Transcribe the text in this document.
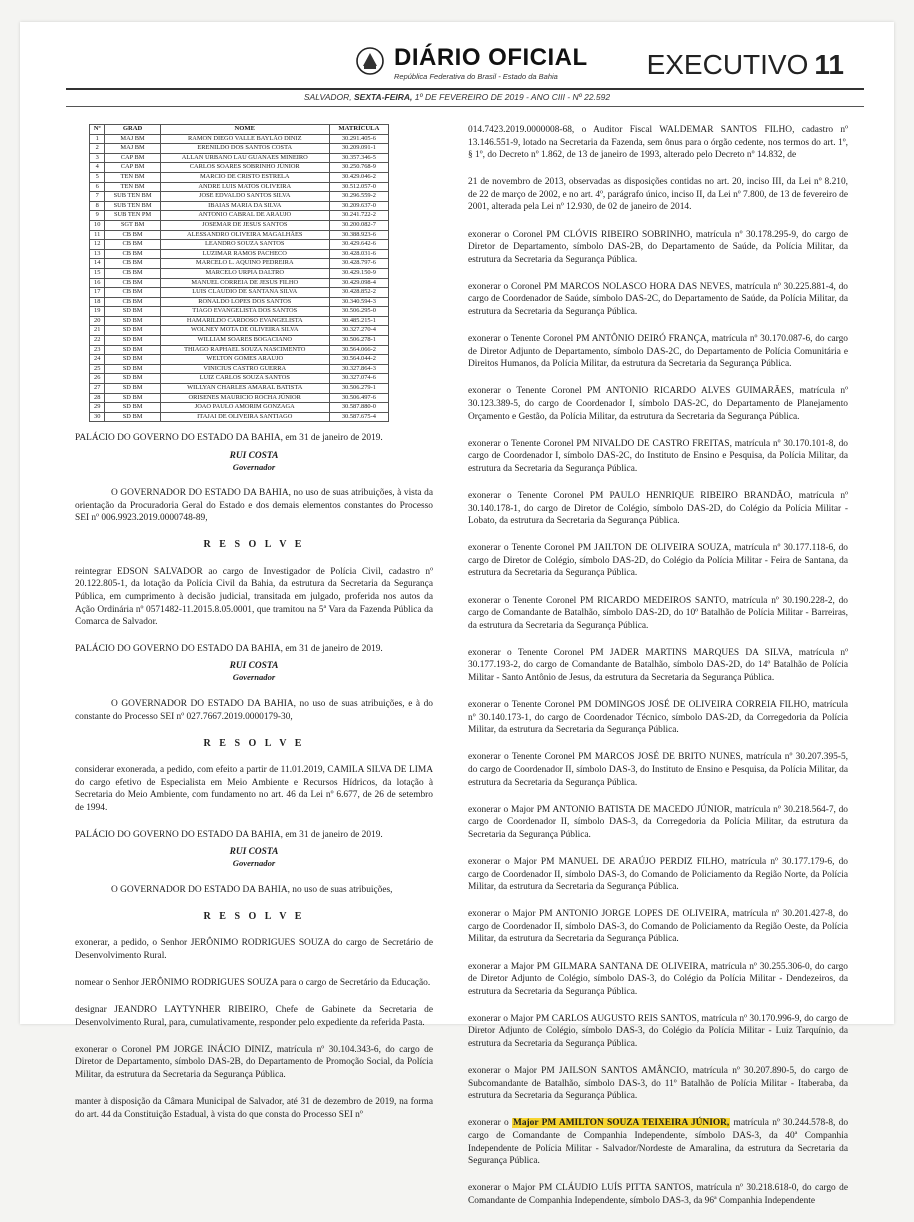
DIÁRIO OFICIAL
República Federativa do Brasil - Estado da Bahia	EXECUTIVO 11
SALVADOR, SEXTA-FEIRA, 1º DE FEVEREIRO DE 2019 - ANO CIII - Nº 22.592
Nº	GRAD	NOME	MATRÍCULA
1	MAJ BM	RAMON DIEGO VALLE BAYLÃO DINIZ	30.291.405-6
2	MAJ BM	ERENILDO DOS SANTOS COSTA	30.209.091-1
3	CAP BM	ALLAN URBANO LAU GUANAES MINEIRO	30.357.346-5
4	CAP BM	CARLOS SOARES SOBRINHO JÚNIOR	30.250.768-9
5	TEN BM	MARCIO DE CRISTO ESTRELA	30.429.046-2
6	TEN BM	ANDRE LUIS MATOS OLIVEIRA	30.512.057-0
7	SUB TEN BM	JOSE EDVALDO SANTOS SILVA	30.296.559-2
8	SUB TEN BM	IBAIAS MARIA DA SILVA	30.209.637-0
9	SUB TEN PM	ANTONIO CABRAL DE ARAUJO	30.241.722-2
10	SGT BM	JOSEMAR DE JESUS SANTOS	30.200.082-7
11	CB BM	ALESSANDRO OLIVEIRA MAGALHÃES	30.388.923-6
12	CB BM	LEANDRO SOUZA SANTOS	30.429.642-6
13	CB BM	LUZIMAR RAMOS PACHECO	30.428.031-6
14	CB BM	MARCELO L. AQUINO PEDREIRA	30.428.797-6
15	CB BM	MARCELO URPIA DALTRO	30.429.150-9
16	CB BM	MANUEL CORREIA DE JESUS FILHO	30.429.098-4
17	CB BM	LUIS CLAUDIO DE SANTANA SILVA	30.428.852-2
18	CB BM	RONALDO LOPES DOS SANTOS	30.340.594-3
19	SD BM	TIAGO EVANGELISTA DOS SANTOS	30.506.295-0
20	SD BM	HAMARILDO CARDOSO EVANGELISTA	30.485.215-1
21	SD BM	WOLNEY MOTA DE OLIVEIRA SILVA	30.327.270-4
22	SD BM	WILLIAM SOARES BOGACIANO	30.506.278-1
23	SD BM	THIAGO RAPHAEL SOUZA NASCIMENTO	30.564.066-2
24	SD BM	WELTON GOMES ARAUJO	30.564.044-2
25	SD BM	VINICIUS CASTRO GUERRA	30.327.864-3
26	SD BM	LUIZ CARLOS SOUZA SANTOS	30.327.074-6
27	SD BM	WILLYAN CHARLES AMARAL BATISTA	30.506.279-1
28	SD BM	ORISENES MAURICIO ROCHA JÚNIOR	30.506.497-6
29	SD BM	JOAO PAULO AMORIM GONZAGA	30.587.880-0
30	SD BM	ITAJAI DE OLIVEIRA SANTIAGO	30.587.675-4

PALÁCIO DO GOVERNO DO ESTADO DA BAHIA, em 31 de janeiro de 2019.

RUI COSTA
Governador

O GOVERNADOR DO ESTADO DA BAHIA, no uso de suas atribuições, à vista da orientação da Procuradoria Geral do Estado e dos demais elementos constantes do Processo SEI nº 006.9923.2019.0000748-89,

R E S O L V E

reintegrar EDSON SALVADOR ao cargo de Investigador de Polícia Civil, cadastro nº 20.122.805-1, da lotação da Polícia Civil da Bahia, da estrutura da Secretaria da Segurança Pública, em cumprimento à decisão judicial, transitada em julgado, proferida nos autos da Ação Ordinária nº 0571482-11.2015.8.05.0001, que tramitou na 5ª Vara da Fazenda Pública da Comarca de Salvador.

PALÁCIO DO GOVERNO DO ESTADO DA BAHIA, em 31 de janeiro de 2019.

RUI COSTA
Governador

O GOVERNADOR DO ESTADO DA BAHIA, no uso de suas atribuições, e à do constante do Processo SEI nº 027.7667.2019.0000179-30,

R E S O L V E

considerar exonerada, a pedido, com efeito a partir de 11.01.2019, CAMILA SILVA DE LIMA do cargo efetivo de Especialista em Meio Ambiente e Recursos Hídricos, da lotação à Secretaria do Meio Ambiente, com fundamento no art. 46 da Lei nº 6.677, de 26 de setembro de 1994.

PALÁCIO DO GOVERNO DO ESTADO DA BAHIA, em 31 de janeiro de 2019.

RUI COSTA
Governador

O GOVERNADOR DO ESTADO DA BAHIA, no uso de suas atribuições,

R E S O L V E

exonerar, a pedido, o Senhor JERÔNIMO RODRIGUES SOUZA do cargo de Secretário de Desenvolvimento Rural.

nomear o Senhor JERÔNIMO RODRIGUES SOUZA para o cargo de Secretário da Educação.

designar JEANDRO LAYTYNHER RIBEIRO, Chefe de Gabinete da Secretaria de Desenvolvimento Rural, para, cumulativamente, responder pelo expediente da referida Pasta.

exonerar o Coronel PM JORGE INÁCIO DINIZ, matrícula nº 30.104.343-6, do cargo de Diretor de Departamento, símbolo DAS-2B, do Departamento de Promoção Social, da Polícia Militar, da estrutura da Secretaria da Segurança Pública.

manter à disposição da Câmara Municipal de Salvador, até 31 de dezembro de 2019, na forma do art. 44 da Constituição Estadual, à vista do que consta do Processo SEI nº

014.7423.2019.0000008-68, o Auditor Fiscal WALDEMAR SANTOS FILHO, cadastro nº 13.146.551-9, lotado na Secretaria da Fazenda, sem ônus para o órgão cedente, nos termos do art. 1º, § 1º, do Decreto nº 1.862, de 13 de janeiro de 1993, alterado pelo Decreto nº 14.832, de

21 de novembro de 2013, observadas as disposições contidas no art. 20, inciso III, da Lei nº 8.210, de 22 de março de 2002, e no art. 4º, parágrafo único, inciso II, da Lei nº 7.800, de 13 de fevereiro de 2001, alterada pela Lei nº 12.930, de 02 de janeiro de 2014.

exonerar o Coronel PM CLÓVIS RIBEIRO SOBRINHO, matrícula nº 30.178.295-9, do cargo de Diretor de Departamento, símbolo DAS-2B, do Departamento de Saúde, da Polícia Militar, da estrutura da Secretaria da Segurança Pública.

exonerar o Coronel PM MARCOS NOLASCO HORA DAS NEVES, matrícula nº 30.225.881-4, do cargo de Coordenador de Saúde, símbolo DAS-2C, do Departamento de Saúde, da Polícia Militar, da estrutura da Secretaria da Segurança Pública.

exonerar o Tenente Coronel PM ANTÔNIO DEIRÓ FRANÇA, matrícula nº 30.170.087-6, do cargo de Diretor Adjunto de Departamento, símbolo DAS-2C, do Departamento de Polícia Comunitária e Direitos Humanos, da Polícia Militar, da estrutura da Secretaria da Segurança Pública.

exonerar o Tenente Coronel PM ANTONIO RICARDO ALVES GUIMARÃES, matrícula nº 30.123.389-5, do cargo de Coordenador I, símbolo DAS-2C, do Departamento de Planejamento Orçamento e Gestão, da Polícia Militar, da estrutura da Secretaria da Segurança Pública.

exonerar o Tenente Coronel PM NIVALDO DE CASTRO FREITAS, matrícula nº 30.170.101-8, do cargo de Coordenador I, símbolo DAS-2C, do Instituto de Ensino e Pesquisa, da Polícia Militar, da estrutura da Secretaria da Segurança Pública.

exonerar o Tenente Coronel PM PAULO HENRIQUE RIBEIRO BRANDÃO, matrícula nº 30.140.178-1, do cargo de Diretor de Colégio, símbolo DAS-2D, do Colégio da Polícia Militar - Lobato, da estrutura da Secretaria da Segurança Pública.

exonerar o Tenente Coronel PM JAILTON DE OLIVEIRA SOUZA, matrícula nº 30.177.118-6, do cargo de Diretor de Colégio, símbolo DAS-2D, do Colégio da Polícia Militar - Feira de Santana, da estrutura da Secretaria da Segurança Pública.

exonerar o Tenente Coronel PM RICARDO MEDEIROS SANTO, matrícula nº 30.190.228-2, do cargo de Comandante de Batalhão, símbolo DAS-2D, do 10º Batalhão de Polícia Militar - Barreiras, da estrutura da Secretaria da Segurança Pública.

exonerar o Tenente Coronel PM JADER MARTINS MARQUES DA SILVA, matrícula nº 30.177.193-2, do cargo de Comandante de Batalhão, símbolo DAS-2D, do 14º Batalhão de Polícia Militar - Santo Antônio de Jesus, da estrutura da Secretaria da Segurança Pública.

exonerar o Tenente Coronel PM DOMINGOS JOSÉ DE OLIVEIRA CORREIA FILHO, matrícula nº 30.140.173-1, do cargo de Coordenador Técnico, símbolo DAS-2D, da Corregedoria da Polícia Militar, da estrutura da Secretaria da Segurança Pública.

exonerar o Tenente Coronel PM MARCOS JOSÉ DE BRITO NUNES, matrícula nº 30.207.395-5, do cargo de Coordenador II, símbolo DAS-3, do Instituto de Ensino e Pesquisa, da Polícia Militar, da estrutura da Secretaria da Segurança Pública.

exonerar o Major PM ANTONIO BATISTA DE MACEDO JÚNIOR, matrícula nº 30.218.564-7, do cargo de Coordenador II, símbolo DAS-3, da Corregedoria da Polícia Militar, da estrutura da Secretaria da Segurança Pública.

exonerar o Major PM MANUEL DE ARAÚJO PERDIZ FILHO, matrícula nº 30.177.179-6, do cargo de Coordenador II, símbolo DAS-3, do Comando de Policiamento da Região Norte, da Polícia Militar, da estrutura da Secretaria da Segurança Pública.

exonerar o Major PM ANTONIO JORGE LOPES DE OLIVEIRA, matrícula nº 30.201.427-8, do cargo de Coordenador II, símbolo DAS-3, do Comando de Policiamento da Região Oeste, da Polícia Militar, da estrutura da Secretaria da Segurança Pública.

exonerar a Major PM GILMARA SANTANA DE OLIVEIRA, matrícula nº 30.255.306-0, do cargo de Diretor Adjunto de Colégio, símbolo DAS-3, do Colégio da Polícia Militar - Dendezeiros, da estrutura da Secretaria da Segurança Pública.

exonerar o Major PM CARLOS AUGUSTO REIS SANTOS, matrícula nº 30.170.996-9, do cargo de Diretor Adjunto de Colégio, símbolo DAS-3, do Colégio da Polícia Militar - Luiz Tarquínio, da estrutura da Secretaria da Segurança Pública.

exonerar o Major PM JAILSON SANTOS AMÂNCIO, matrícula nº 30.207.890-5, do cargo de Subcomandante de Batalhão, símbolo DAS-3, do 11º Batalhão de Polícia Militar - Itaberaba, da estrutura da Secretaria da Segurança Pública.

exonerar o Major PM AMILTON SOUZA TEIXEIRA JÚNIOR, matrícula nº 30.244.578-8, do cargo de Comandante de Companhia Independente, símbolo DAS-3, da 40ª Companhia Independente de Polícia Militar - Salvador/Nordeste de Amaralina, da estrutura da Secretaria da Segurança Pública.

exonerar o Major PM CLÁUDIO LUÍS PITTA SANTOS, matrícula nº 30.218.618-0, do cargo de Comandante de Companhia Independente, símbolo DAS-3, da 96ª Companhia Independente
